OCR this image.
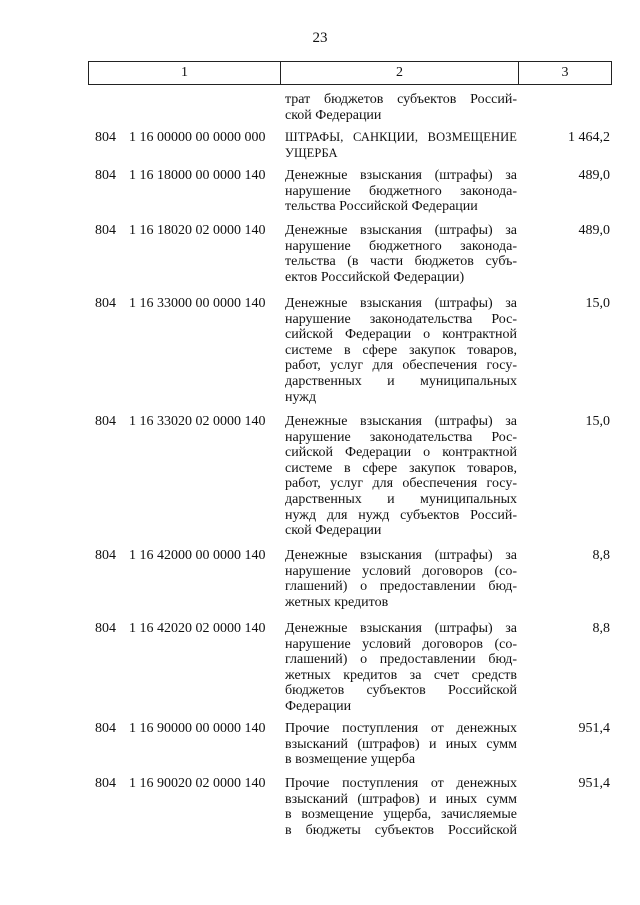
23
1	2	3
трат бюджетов субъектов Россий-
ской Федерации
804 1 16 00000 00 0000 000 ШТРАФЫ, САНКЦИИ, ВОЗМЕЩЕНИЕ
УЩЕРБА
1 464,2
804 1 16 18000 00 0000 140 Денежные взыскания (штрафы) за
нарушение бюджетного законода-
тельства Российской Федерации
489,0
804 1 16 18020 02 0000 140 Денежные взыскания (штрафы) за
нарушение бюджетного законода-
тельства (в части бюджетов субъ-
ектов Российской Федерации)
489,0
804 1 16 33000 00 0000 140 Денежные взыскания (штрафы) за
нарушение законодательства Рос-
сийской Федерации о контрактной
системе в сфере закупок товаров,
работ, услуг для обеспечения госу-
дарственных и муниципальных
нужд
15,0
804 1 16 33020 02 0000 140 Денежные взыскания (штрафы) за
нарушение законодательства Рос-
сийской Федерации о контрактной
системе в сфере закупок товаров,
работ, услуг для обеспечения госу-
дарственных и муниципальных
нужд для нужд субъектов Россий-
ской Федерации
15,0
804 1 16 42000 00 0000 140 Денежные взыскания (штрафы) за
нарушение условий договоров (со-
глашений) о предоставлении бюд-
жетных кредитов
8,8
804 1 16 42020 02 0000 140 Денежные взыскания (штрафы) за
нарушение условий договоров (со-
глашений) о предоставлении бюд-
жетных кредитов за счет средств
бюджетов субъектов Российской
Федерации
8,8
804 1 16 90000 00 0000 140 Прочие поступления от денежных
взысканий (штрафов) и иных сумм
в возмещение ущерба
951,4
804 1 16 90020 02 0000 140 Прочие поступления от денежных
взысканий (штрафов) и иных сумм
в возмещение ущерба, зачисляемые
в бюджеты субъектов Российской
951,4
